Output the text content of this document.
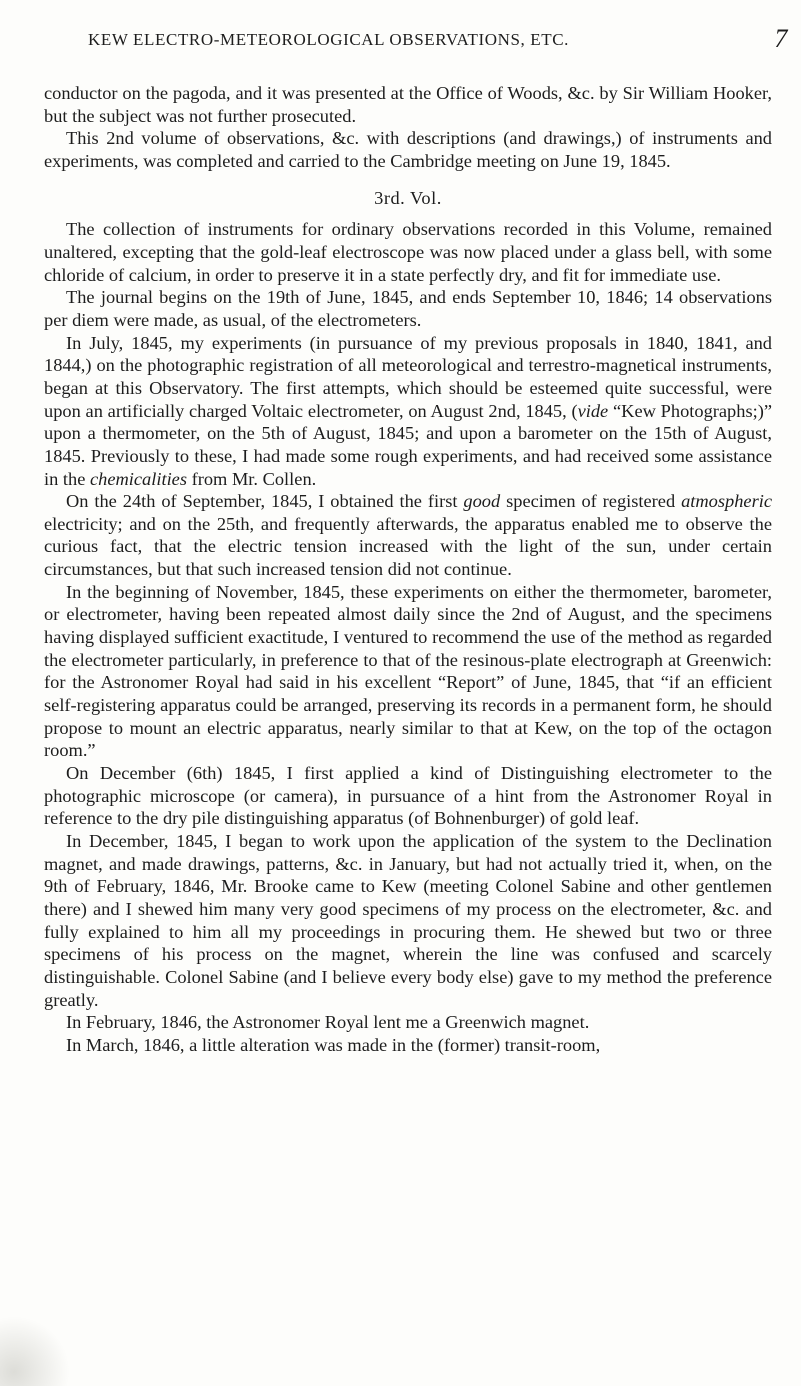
KEW ELECTRO-METEOROLOGICAL OBSERVATIONS, ETC.	7

conductor on the pagoda, and it was presented at the Office of Woods, &c. by Sir William Hooker, but the subject was not further prosecuted.

This 2nd volume of observations, &c. with descriptions (and drawings,) of instruments and experiments, was completed and carried to the Cambridge meeting on June 19, 1845.

3rd. Vol.

The collection of instruments for ordinary observations recorded in this Volume, remained unaltered, excepting that the gold-leaf electroscope was now placed under a glass bell, with some chloride of calcium, in order to preserve it in a state perfectly dry, and fit for immediate use.

The journal begins on the 19th of June, 1845, and ends September 10, 1846; 14 observations per diem were made, as usual, of the electrometers.

In July, 1845, my experiments (in pursuance of my previous proposals in 1840, 1841, and 1844,) on the photographic registration of all meteorological and terrestro-magnetical instruments, began at this Observatory. The first attempts, which should be esteemed quite successful, were upon an artificially charged Voltaic electrometer, on August 2nd, 1845, (vide “Kew Photographs;)” upon a thermometer, on the 5th of August, 1845; and upon a barometer on the 15th of August, 1845. Previously to these, I had made some rough experiments, and had received some assistance in the chemicalities from Mr. Collen.

On the 24th of September, 1845, I obtained the first good specimen of registered atmospheric electricity; and on the 25th, and frequently afterwards, the apparatus enabled me to observe the curious fact, that the electric tension increased with the light of the sun, under certain circumstances, but that such increased tension did not continue.

In the beginning of November, 1845, these experiments on either the thermometer, barometer, or electrometer, having been repeated almost daily since the 2nd of August, and the specimens having displayed sufficient exactitude, I ventured to recommend the use of the method as regarded the electrometer particularly, in preference to that of the resinous-plate electrograph at Greenwich: for the Astronomer Royal had said in his excellent “Report” of June, 1845, that “if an efficient self-registering apparatus could be arranged, preserving its records in a permanent form, he should propose to mount an electric apparatus, nearly similar to that at Kew, on the top of the octagon room.”

On December (6th) 1845, I first applied a kind of Distinguishing electrometer to the photographic microscope (or camera), in pursuance of a hint from the Astronomer Royal in reference to the dry pile distinguishing apparatus (of Bohnenburger) of gold leaf.

In December, 1845, I began to work upon the application of the system to the Declination magnet, and made drawings, patterns, &c. in January, but had not actually tried it, when, on the 9th of February, 1846, Mr. Brooke came to Kew (meeting Colonel Sabine and other gentlemen there) and I shewed him many very good specimens of my process on the electrometer, &c. and fully explained to him all my proceedings in procuring them. He shewed but two or three specimens of his process on the magnet, wherein the line was confused and scarcely distinguishable. Colonel Sabine (and I believe every body else) gave to my method the preference greatly.

In February, 1846, the Astronomer Royal lent me a Greenwich magnet.

In March, 1846, a little alteration was made in the (former) transit-room,
